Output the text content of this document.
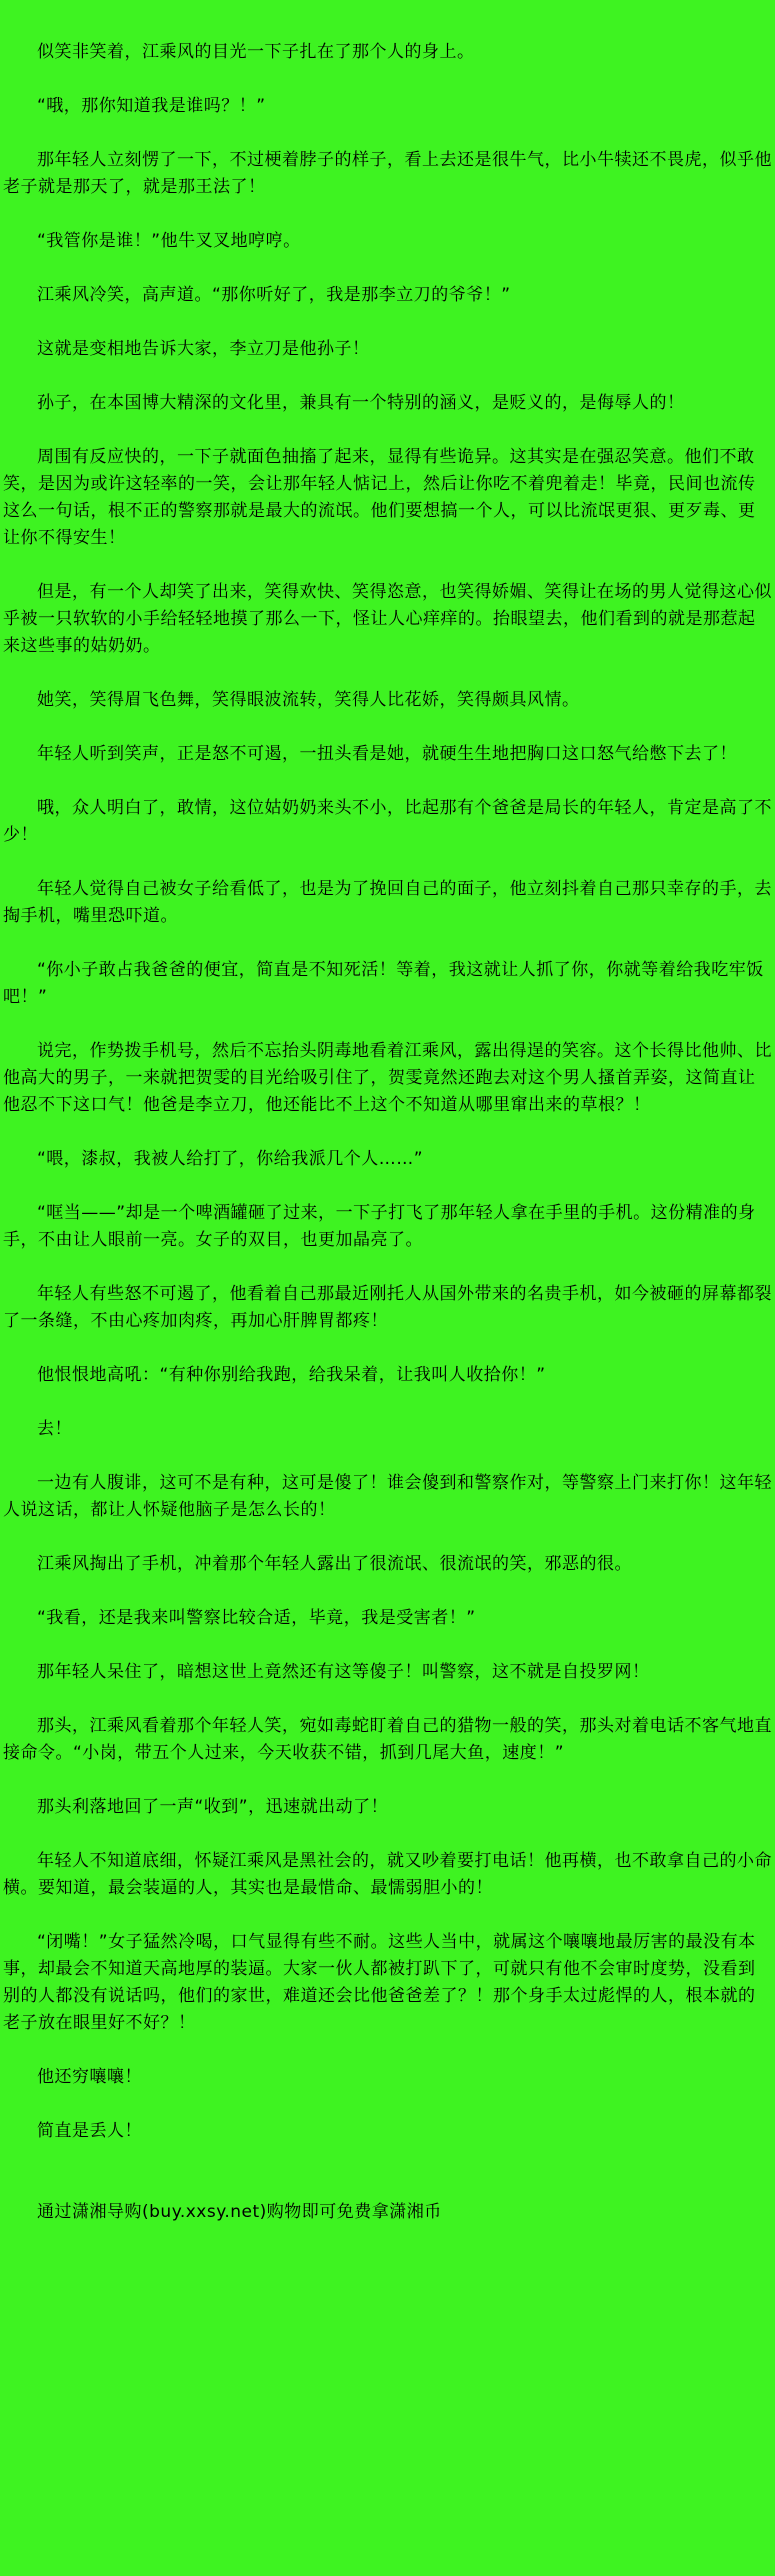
似笑非笑着，江乘风的目光一下子扎在了那个人的身上。

“哦，那你知道我是谁吗？！”

那年轻人立刻愣了一下，不过梗着脖子的样子，看上去还是很牛气，比小牛犊还不畏虎，似乎他老子就是那天了，就是那王法了！

“我管你是谁！”他牛叉叉地哼哼。

江乘风冷笑，高声道。“那你听好了，我是那李立刀的爷爷！”

这就是变相地告诉大家，李立刀是他孙子！

孙子，在本国博大精深的文化里，兼具有一个特别的涵义，是贬义的，是侮辱人的！

周围有反应快的，一下子就面色抽搐了起来，显得有些诡异。这其实是在强忍笑意。他们不敢笑，是因为或许这轻率的一笑，会让那年轻人惦记上，然后让你吃不着兜着走！毕竟，民间也流传这么一句话，根不正的警察那就是最大的流氓。他们要想搞一个人，可以比流氓更狠、更歹毒、更让你不得安生！

但是，有一个人却笑了出来，笑得欢快、笑得恣意，也笑得娇媚、笑得让在场的男人觉得这心似乎被一只软软的小手给轻轻地摸了那么一下，怪让人心痒痒的。抬眼望去，他们看到的就是那惹起来这些事的姑奶奶。

她笑，笑得眉飞色舞，笑得眼波流转，笑得人比花娇，笑得颇具风情。

年轻人听到笑声，正是怒不可遏，一扭头看是她，就硬生生地把胸口这口怒气给憋下去了！

哦，众人明白了，敢情，这位姑奶奶来头不小，比起那有个爸爸是局长的年轻人，肯定是高了不少！

年轻人觉得自己被女子给看低了，也是为了挽回自己的面子，他立刻抖着自己那只幸存的手，去掏手机，嘴里恐吓道。

“你小子敢占我爸爸的便宜，简直是不知死活！等着，我这就让人抓了你，你就等着给我吃牢饭吧！”

说完，作势拨手机号，然后不忘抬头阴毒地看着江乘风，露出得逞的笑容。这个长得比他帅、比他高大的男子，一来就把贺雯的目光给吸引住了，贺雯竟然还跑去对这个男人搔首弄姿，这简直让他忍不下这口气！他爸是李立刀，他还能比不上这个不知道从哪里窜出来的草根？！

“喂，漆叔，我被人给打了，你给我派几个人……”

“哐当——”却是一个啤酒罐砸了过来，一下子打飞了那年轻人拿在手里的手机。这份精准的身手，不由让人眼前一亮。女子的双目，也更加晶亮了。

年轻人有些怒不可遏了，他看着自己那最近刚托人从国外带来的名贵手机，如今被砸的屏幕都裂了一条缝，不由心疼加肉疼，再加心肝脾胃都疼！

他恨恨地高吼：“有种你别给我跑，给我呆着，让我叫人收拾你！”

去！

一边有人腹诽，这可不是有种，这可是傻了！谁会傻到和警察作对，等警察上门来打你！这年轻人说这话，都让人怀疑他脑子是怎么长的！

江乘风掏出了手机，冲着那个年轻人露出了很流氓、很流氓的笑，邪恶的很。

“我看，还是我来叫警察比较合适，毕竟，我是受害者！”

那年轻人呆住了，暗想这世上竟然还有这等傻子！叫警察，这不就是自投罗网！

那头，江乘风看着那个年轻人笑，宛如毒蛇盯着自己的猎物一般的笑，那头对着电话不客气地直接命令。“小岗，带五个人过来，今天收获不错，抓到几尾大鱼，速度！”

那头利落地回了一声“收到”，迅速就出动了！

年轻人不知道底细，怀疑江乘风是黑社会的，就又吵着要打电话！他再横，也不敢拿自己的小命横。要知道，最会装逼的人，其实也是最惜命、最懦弱胆小的！

“闭嘴！”女子猛然冷喝，口气显得有些不耐。这些人当中，就属这个嚷嚷地最厉害的最没有本事，却最会不知道天高地厚的装逼。大家一伙人都被打趴下了，可就只有他不会审时度势，没看到别的人都没有说话吗，他们的家世，难道还会比他爸爸差了？！那个身手太过彪悍的人，根本就的老子放在眼里好不好？！

他还穷嚷嚷！

简直是丢人！

通过潇湘导购(buy.xxsy.net)购物即可免费拿潇湘币
